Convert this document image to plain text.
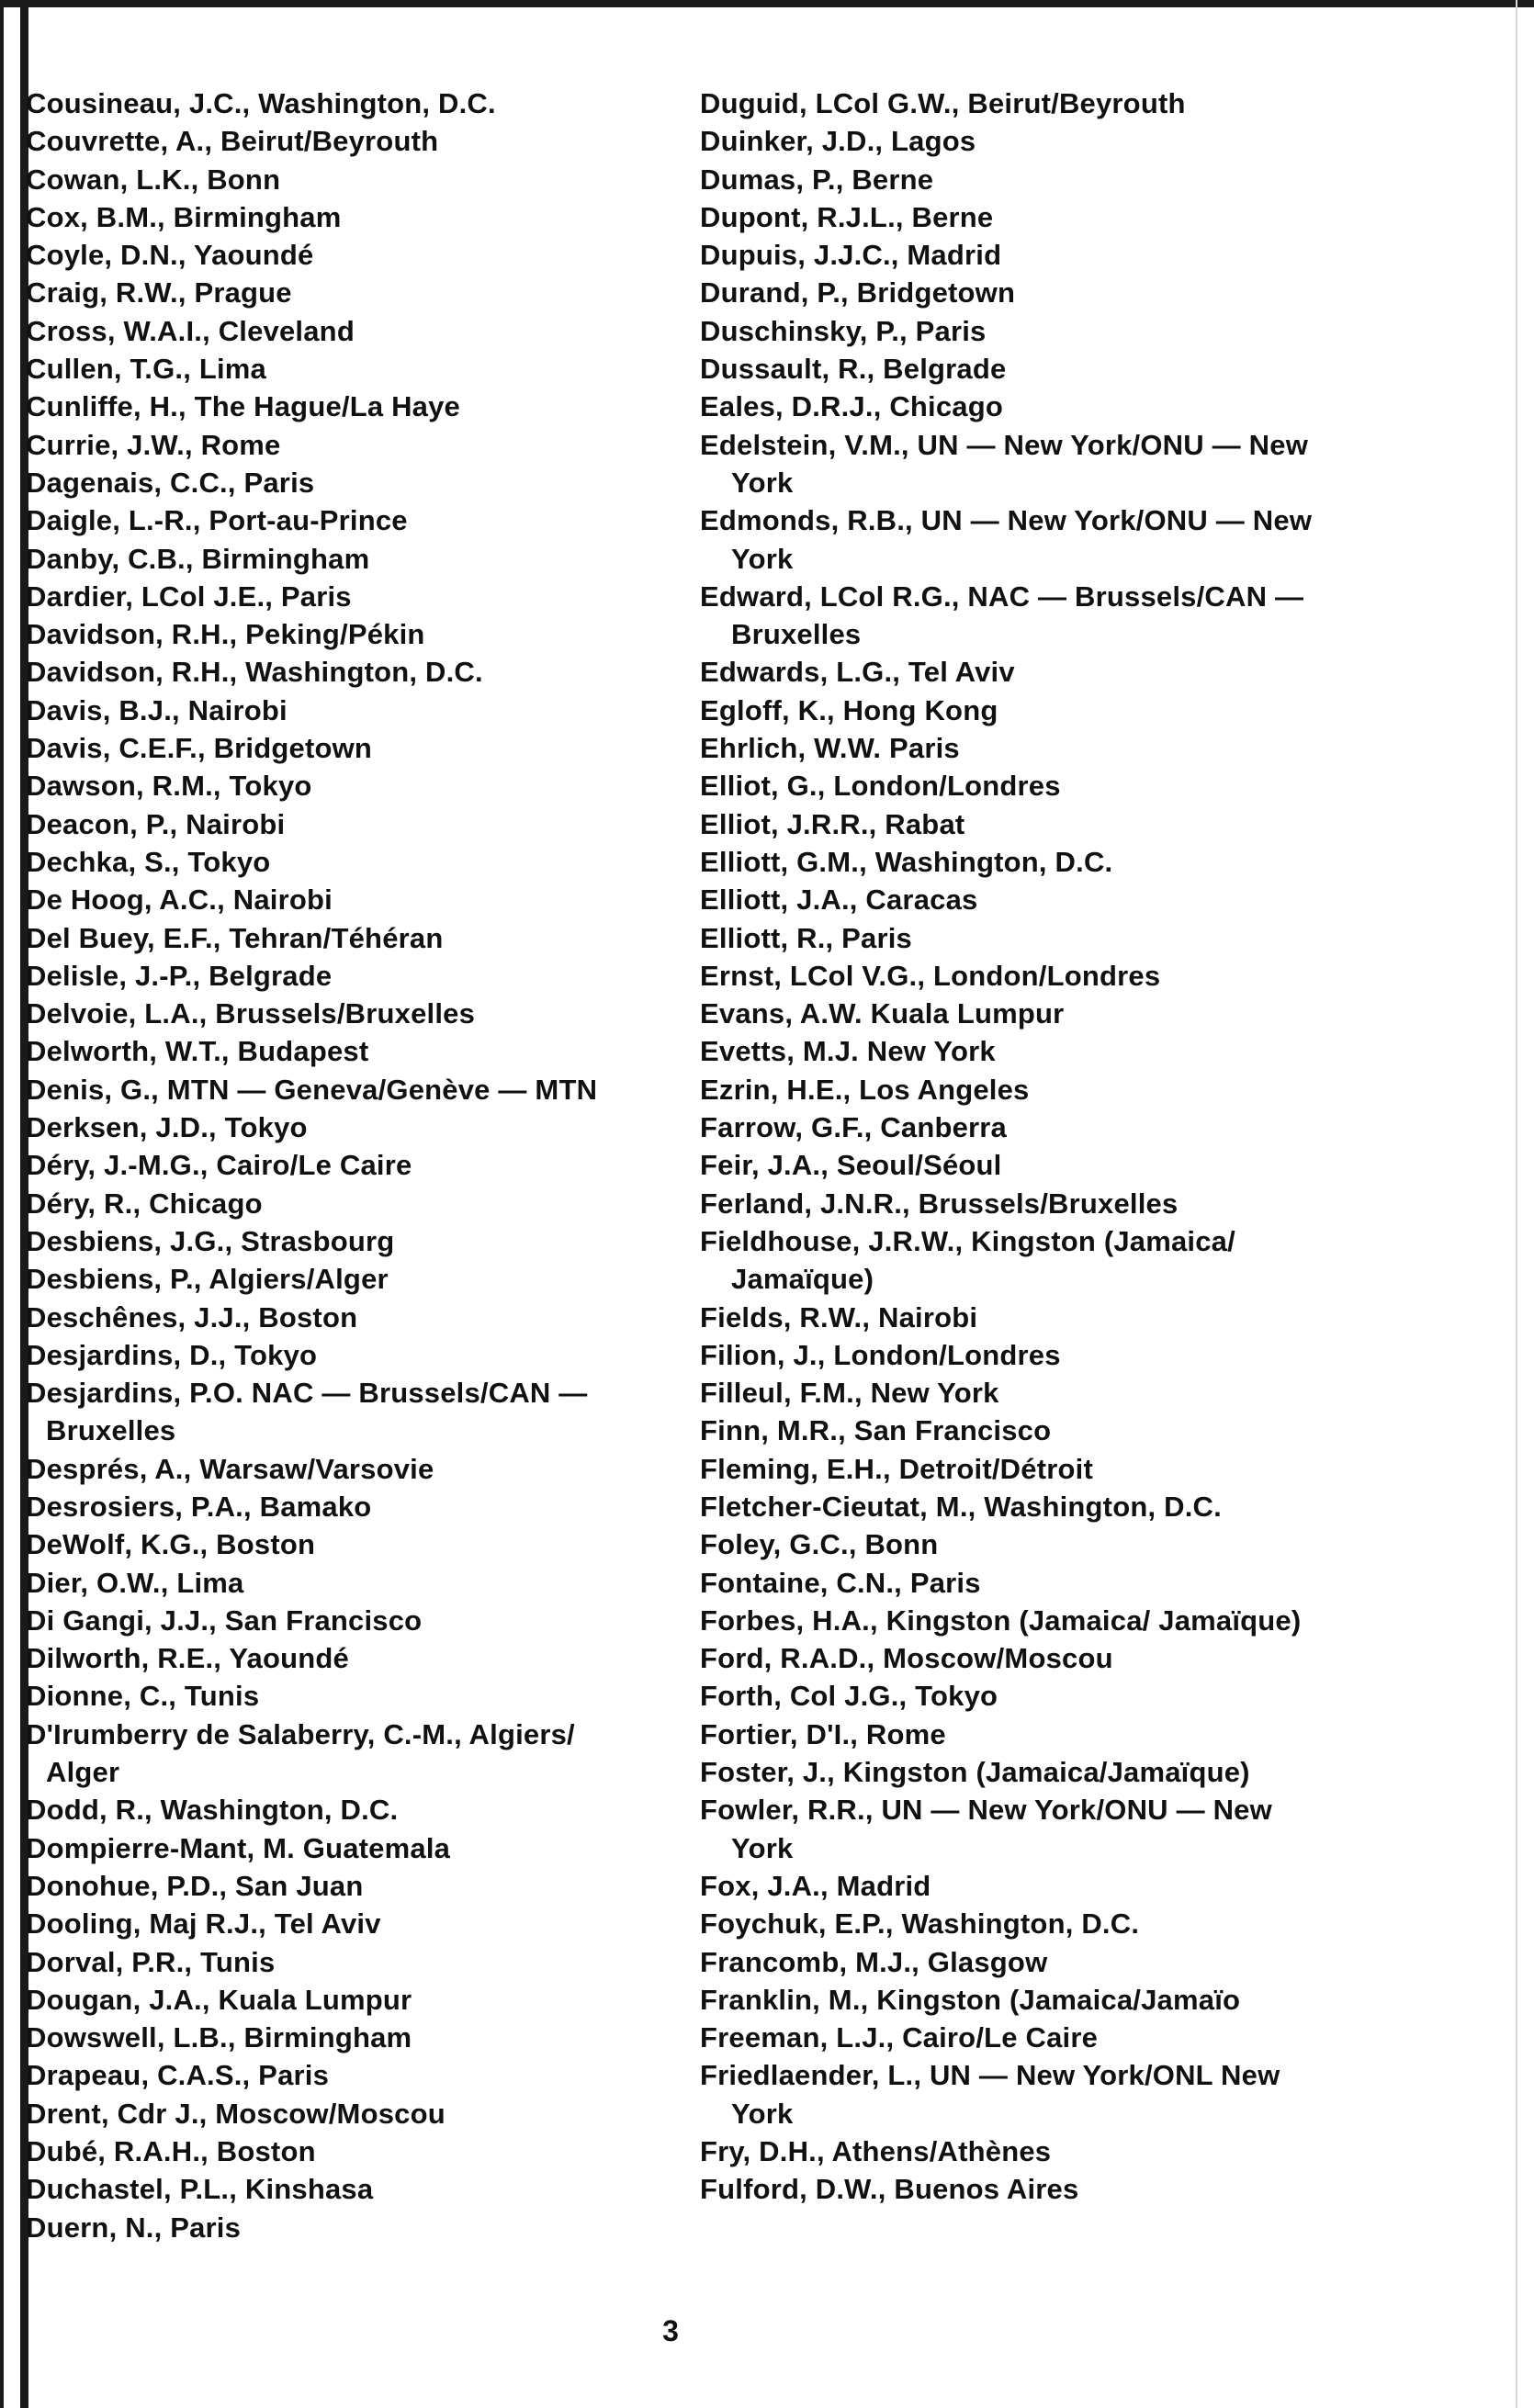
Cousineau, J.C., Washington, D.C.
Couvrette, A., Beirut/Beyrouth
Cowan, L.K., Bonn
Cox, B.M., Birmingham
Coyle, D.N., Yaoundé
Craig, R.W., Prague
Cross, W.A.I., Cleveland
Cullen, T.G., Lima
Cunliffe, H., The Hague/La Haye
Currie, J.W., Rome
Dagenais, C.C., Paris
Daigle, L.-R., Port-au-Prince
Danby, C.B., Birmingham
Dardier, LCol J.E., Paris
Davidson, R.H., Peking/Pékin
Davidson, R.H., Washington, D.C.
Davis, B.J., Nairobi
Davis, C.E.F., Bridgetown
Dawson, R.M., Tokyo
Deacon, P., Nairobi
Dechka, S., Tokyo
De Hoog, A.C., Nairobi
Del Buey, E.F., Tehran/Téhéran
Delisle, J.-P., Belgrade
Delvoie, L.A., Brussels/Bruxelles
Delworth, W.T., Budapest
Denis, G., MTN — Geneva/Genève — MTN
Derksen, J.D., Tokyo
Déry, J.-M.G., Cairo/Le Caire
Déry, R., Chicago
Desbiens, J.G., Strasbourg
Desbiens, P., Algiers/Alger
Deschênes, J.J., Boston
Desjardins, D., Tokyo
Desjardins, P.O. NAC — Brussels/CAN — Bruxelles
Després, A., Warsaw/Varsovie
Desrosiers, P.A., Bamako
DeWolf, K.G., Boston
Dier, O.W., Lima
Di Gangi, J.J., San Francisco
Dilworth, R.E., Yaoundé
Dionne, C., Tunis
D'Irumberry de Salaberry, C.-M., Algiers/ Alger
Dodd, R., Washington, D.C.
Dompierre-Mant, M. Guatemala
Donohue, P.D., San Juan
Dooling, Maj R.J., Tel Aviv
Dorval, P.R., Tunis
Dougan, J.A., Kuala Lumpur
Dowswell, L.B., Birmingham
Drapeau, C.A.S., Paris
Drent, Cdr J., Moscow/Moscou
Dubé, R.A.H., Boston
Duchastel, P.L., Kinshasa
Duern, N., Paris
Duguid, LCol G.W., Beirut/Beyrouth
Duinker, J.D., Lagos
Dumas, P., Berne
Dupont, R.J.L., Berne
Dupuis, J.J.C., Madrid
Durand, P., Bridgetown
Duschinsky, P., Paris
Dussault, R., Belgrade
Eales, D.R.J., Chicago
Edelstein, V.M., UN — New York/ONU — New York
Edmonds, R.B., UN — New York/ONU — New York
Edward, LCol R.G., NAC — Brussels/CAN — Bruxelles
Edwards, L.G., Tel Aviv
Egloff, K., Hong Kong
Ehrlich, W.W. Paris
Elliot, G., London/Londres
Elliot, J.R.R., Rabat
Elliott, G.M., Washington, D.C.
Elliott, J.A., Caracas
Elliott, R., Paris
Ernst, LCol V.G., London/Londres
Evans, A.W. Kuala Lumpur
Evetts, M.J. New York
Ezrin, H.E., Los Angeles
Farrow, G.F., Canberra
Feir, J.A., Seoul/Séoul
Ferland, J.N.R., Brussels/Bruxelles
Fieldhouse, J.R.W., Kingston (Jamaica/ Jamaïque)
Fields, R.W., Nairobi
Filion, J., London/Londres
Filleul, F.M., New York
Finn, M.R., San Francisco
Fleming, E.H., Detroit/Détroit
Fletcher-Cieutat, M., Washington, D.C.
Foley, G.C., Bonn
Fontaine, C.N., Paris
Forbes, H.A., Kingston (Jamaica/ Jamaïque)
Ford, R.A.D., Moscow/Moscou
Forth, Col J.G., Tokyo
Fortier, D'I., Rome
Foster, J., Kingston (Jamaica/Jamaïque)
Fowler, R.R., UN — New York/ONU — New York
Fox, J.A., Madrid
Foychuk, E.P., Washington, D.C.
Francomb, M.J., Glasgow
Franklin, M., Kingston (Jamaica/Jamaïo
Freeman, L.J., Cairo/Le Caire
Friedlaender, L., UN — New York/ONL New York
Fry, D.H., Athens/Athènes
Fulford, D.W., Buenos Aires
3
